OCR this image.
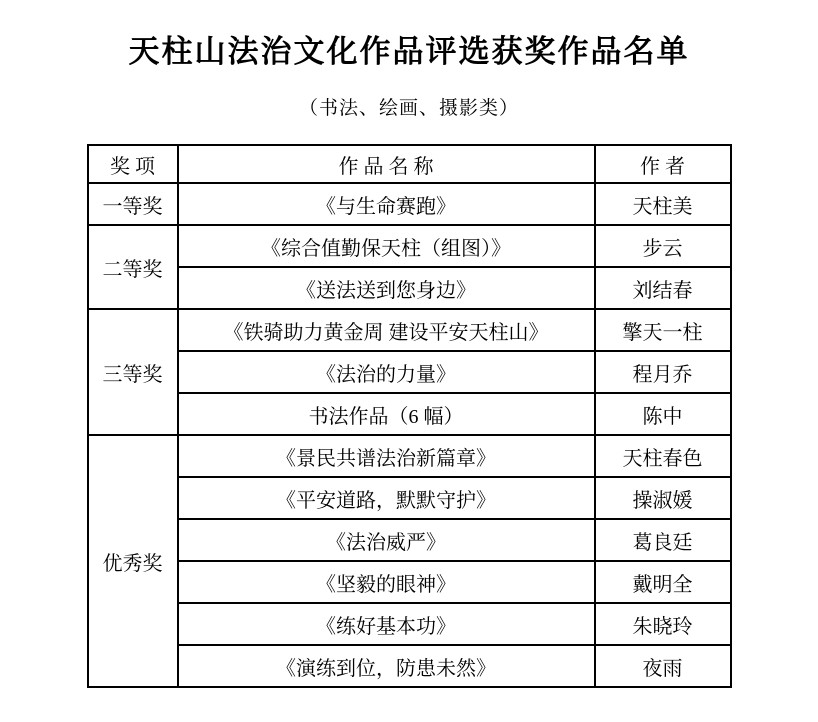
天柱山法治文化作品评选获奖作品名单
（书法、绘画、摄影类）
奖 项	作 品 名 称	作 者
一等奖	《与生命赛跑》	天柱美
二等奖	《综合值勤保天柱（组图）》	步云
	《送法送到您身边》	刘结春
三等奖	《铁骑助力黄金周 建设平安天柱山》	擎天一柱
	《法治的力量》	程月乔
	书法作品（6 幅）	陈中
优秀奖	《景民共谱法治新篇章》	天柱春色
	《平安道路，默默守护》	操淑媛
	《法治威严》	葛良廷
	《坚毅的眼神》	戴明全
	《练好基本功》	朱晓玲
	《演练到位，防患未然》	夜雨
